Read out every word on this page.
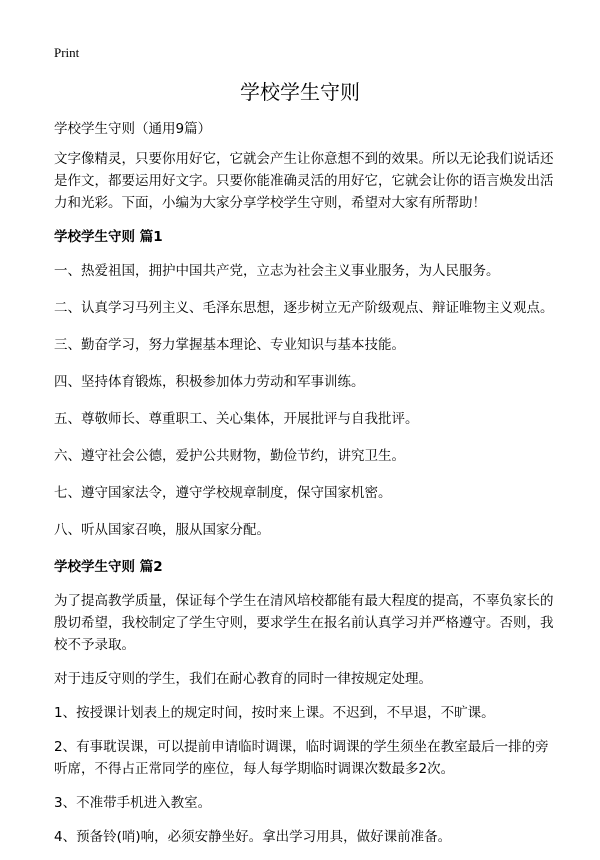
Print
学校学生守则

学校学生守则（通用9篇）

文字像精灵，只要你用好它，它就会产生让你意想不到的效果。所以无论我们说话还是作文，都要运用好文字。只要你能准确灵活的用好它，它就会让你的语言焕发出活力和光彩。下面，小编为大家分享学校学生守则，希望对大家有所帮助！

学校学生守则 篇1

一、热爱祖国，拥护中国共产党，立志为社会主义事业服务，为人民服务。

二、认真学习马列主义、毛泽东思想，逐步树立无产阶级观点、辩证唯物主义观点。

三、勤奋学习，努力掌握基本理论、专业知识与基本技能。

四、坚持体育锻炼，积极参加体力劳动和军事训练。

五、尊敬师长、尊重职工、关心集体，开展批评与自我批评。

六、遵守社会公德，爱护公共财物，勤俭节约，讲究卫生。

七、遵守国家法令，遵守学校规章制度，保守国家机密。

八、听从国家召唤，服从国家分配。

学校学生守则 篇2

为了提高教学质量，保证每个学生在清风培校都能有最大程度的提高，不辜负家长的殷切希望，我校制定了学生守则，要求学生在报名前认真学习并严格遵守。否则，我校不予录取。

对于违反守则的学生，我们在耐心教育的同时一律按规定处理。

1、按授课计划表上的规定时间，按时来上课。不迟到，不早退，不旷课。

2、有事耽误课，可以提前申请临时调课，临时调课的学生须坐在教室最后一排的旁听席，不得占正常同学的座位，每人每学期临时调课次数最多2次。

3、不准带手机进入教室。

4、预备铃(哨)响，必须安静坐好。拿出学习用具，做好课前准备。
